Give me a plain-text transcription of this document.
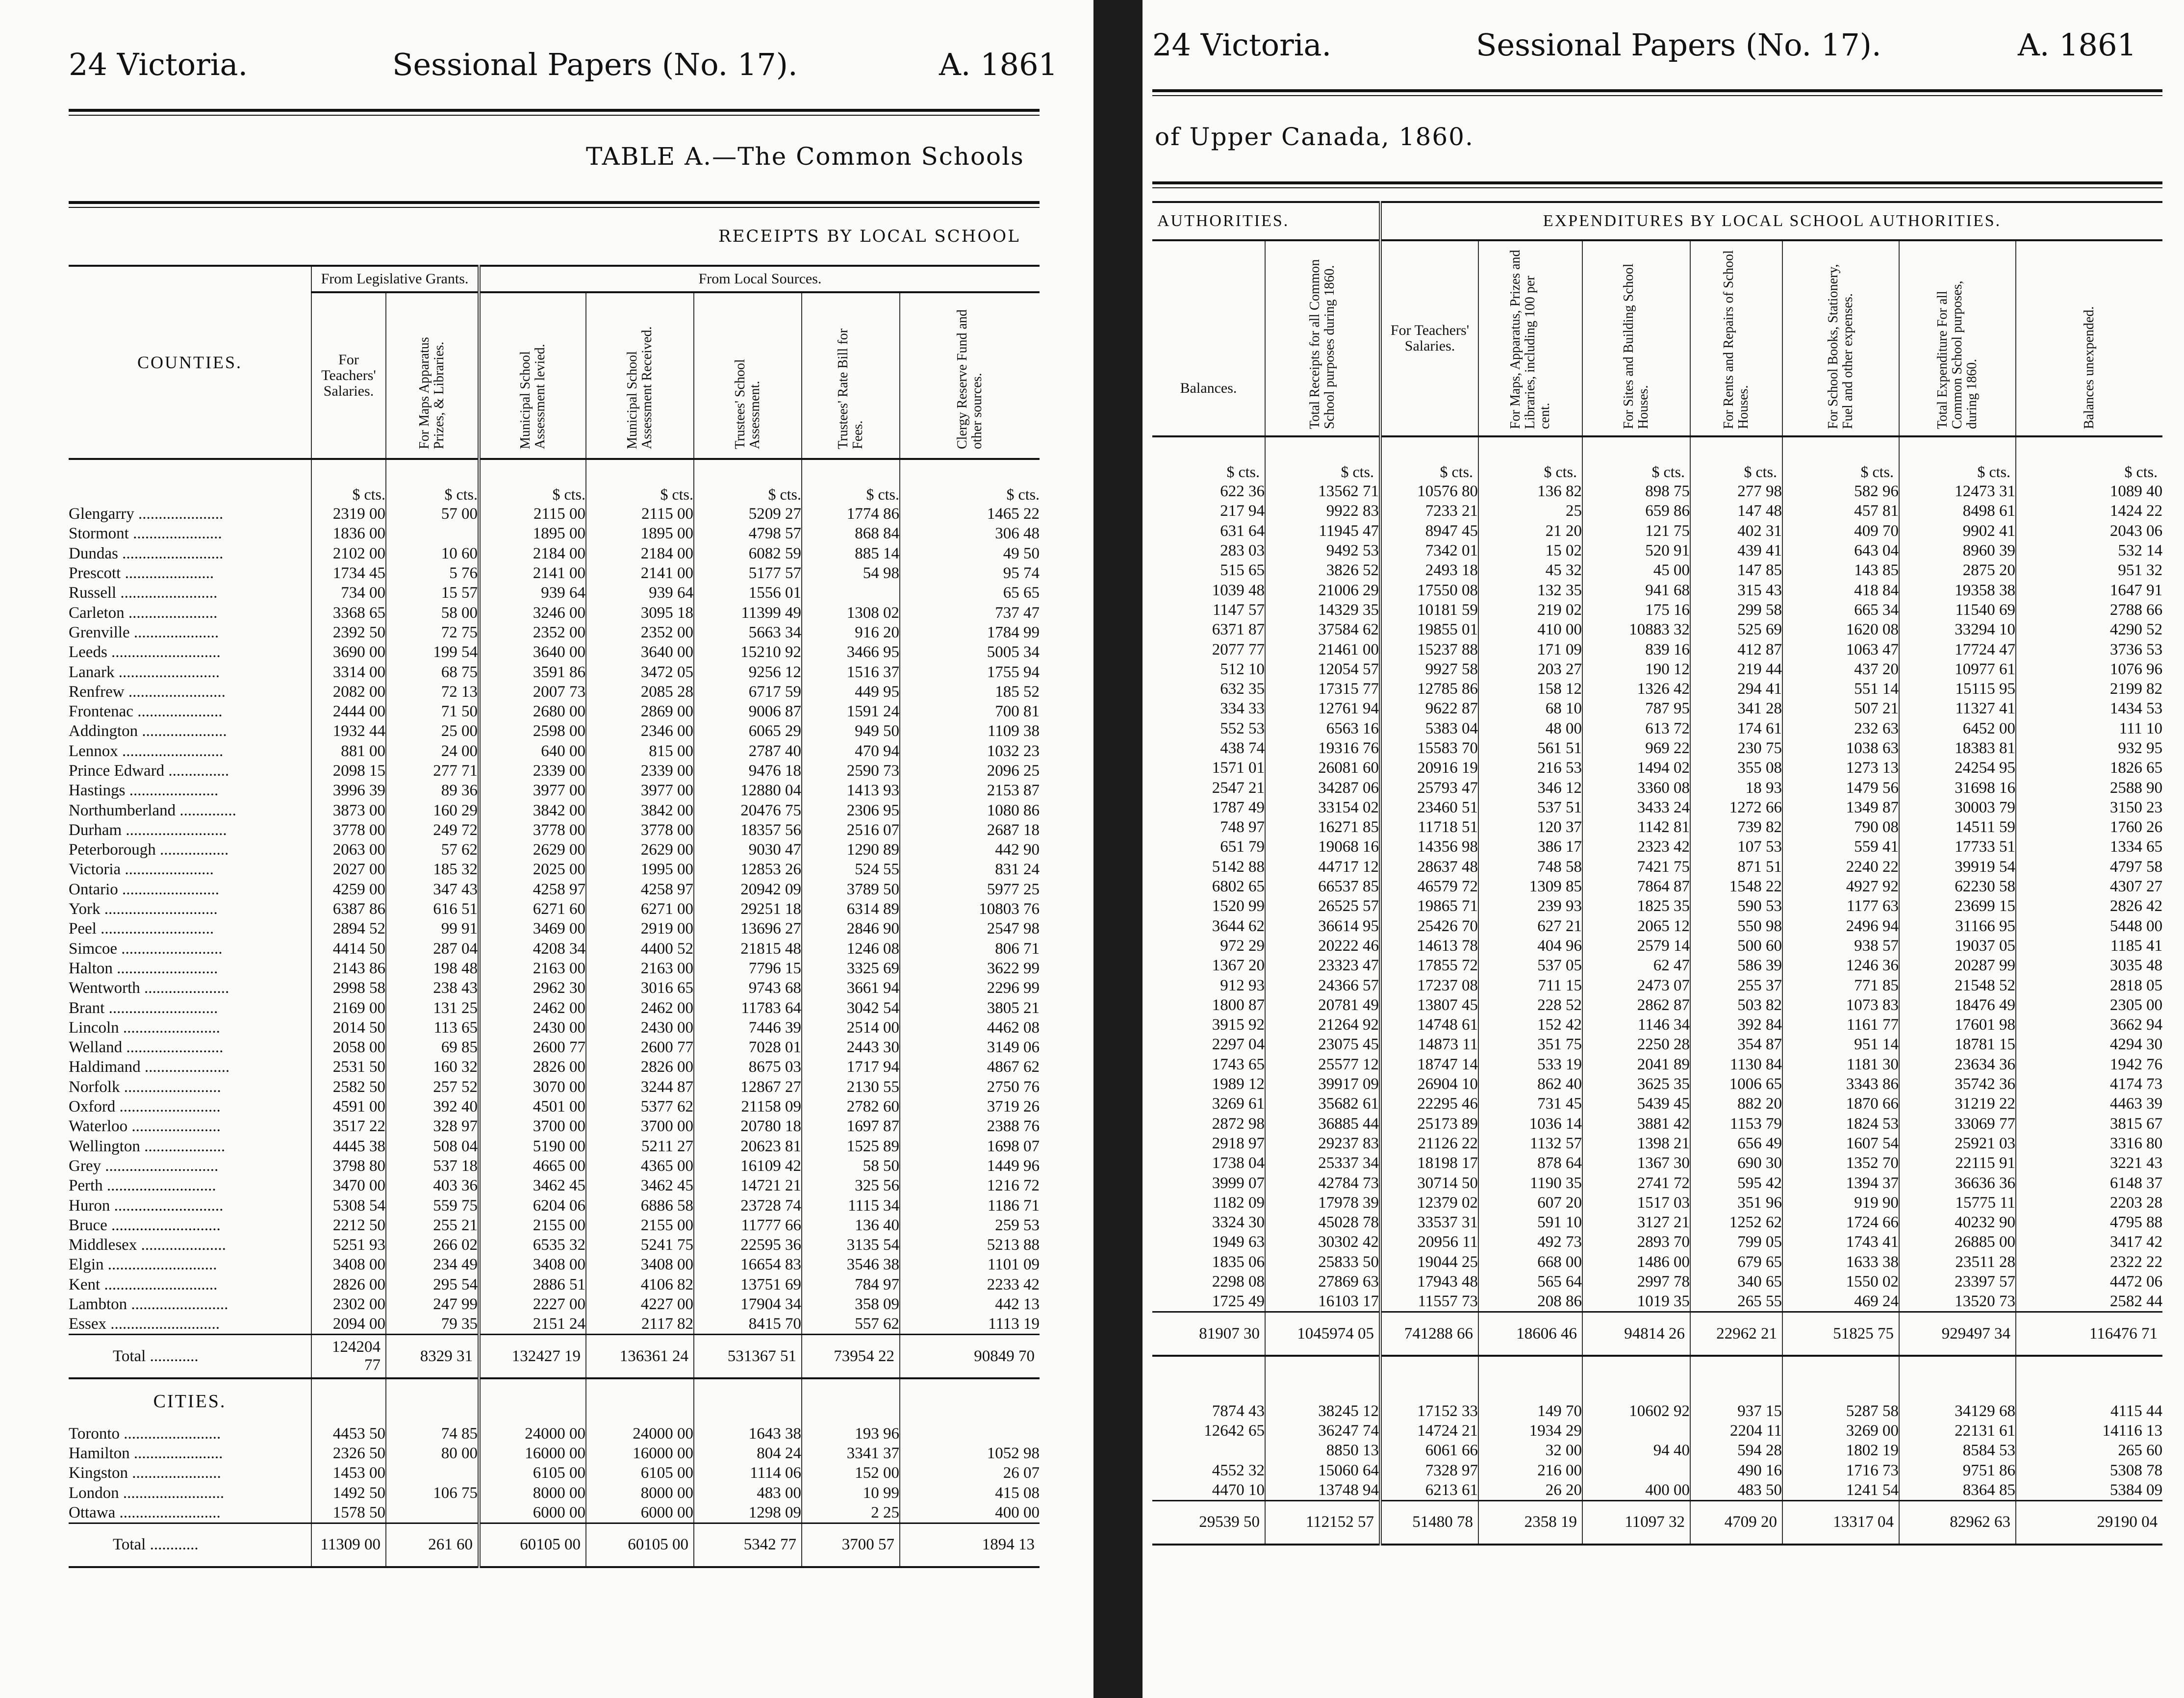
24 Victoria.	Sessional Papers (No. 17).	A. 1861
TABLE A.—The Common Schools
RECEIPTS BY LOCAL SCHOOL
COUNTIES.	From Legislative Grants.		From Local Sources.				

	For Teachers' Salaries.	For Maps Apparatus Prizes, & Libraries.	Municipal School Assessment levied.	Municipal School Assessment Received.	Trustees' School Assessment.	Trustees' Rate Bill for Fees.	Clergy Reserve Fund and other sources.

	$ cts.	$ cts.	$ cts.	$ cts.	$ cts.	$ cts.	$ cts.
Glengarry .....................	2319 00	57 00	2115 00	2115 00	5209 27	1774 86	1465 22
Stormont ......................	1836 00		1895 00	1895 00	4798 57	868 84	306 48
Dundas .........................	2102 00	10 60	2184 00	2184 00	6082 59	885 14	49 50
Prescott ......................	1734 45	5 76	2141 00	2141 00	5177 57	54 98	95 74
Russell ........................	734 00	15 57	939 64	939 64	1556 01		65 65
Carleton ......................	3368 65	58 00	3246 00	3095 18	11399 49	1308 02	737 47
Grenville .....................	2392 50	72 75	2352 00	2352 00	5663 34	916 20	1784 99
Leeds ...........................	3690 00	199 54	3640 00	3640 00	15210 92	3466 95	5005 34
Lanark .........................	3314 00	68 75	3591 86	3472 05	9256 12	1516 37	1755 94
Renfrew ........................	2082 00	72 13	2007 73	2085 28	6717 59	449 95	185 52
Frontenac .....................	2444 00	71 50	2680 00	2869 00	9006 87	1591 24	700 81
Addington .....................	1932 44	25 00	2598 00	2346 00	6065 29	949 50	1109 38
Lennox .........................	881 00	24 00	640 00	815 00	2787 40	470 94	1032 23
Prince Edward ...............	2098 15	277 71	2339 00	2339 00	9476 18	2590 73	2096 25
Hastings ......................	3996 39	89 36	3977 00	3977 00	12880 04	1413 93	2153 87
Northumberland ..............	3873 00	160 29	3842 00	3842 00	20476 75	2306 95	1080 86
Durham .........................	3778 00	249 72	3778 00	3778 00	18357 56	2516 07	2687 18
Peterborough .................	2063 00	57 62	2629 00	2629 00	9030 47	1290 89	442 90
Victoria ......................	2027 00	185 32	2025 00	1995 00	12853 26	524 55	831 24
Ontario ........................	4259 00	347 43	4258 97	4258 97	20942 09	3789 50	5977 25
York ............................	6387 86	616 51	6271 60	6271 00	29251 18	6314 89	10803 76
Peel ............................	2894 52	99 91	3469 00	2919 00	13696 27	2846 90	2547 98
Simcoe .........................	4414 50	287 04	4208 34	4400 52	21815 48	1246 08	806 71
Halton .........................	2143 86	198 48	2163 00	2163 00	7796 15	3325 69	3622 99
Wentworth .....................	2998 58	238 43	2962 30	3016 65	9743 68	3661 94	2296 99
Brant ...........................	2169 00	131 25	2462 00	2462 00	11783 64	3042 54	3805 21
Lincoln ........................	2014 50	113 65	2430 00	2430 00	7446 39	2514 00	4462 08
Welland ........................	2058 00	69 85	2600 77	2600 77	7028 01	2443 30	3149 06
Haldimand .....................	2531 50	160 32	2826 00	2826 00	8675 03	1717 94	4867 62
Norfolk ........................	2582 50	257 52	3070 00	3244 87	12867 27	2130 55	2750 76
Oxford .........................	4591 00	392 40	4501 00	5377 62	21158 09	2782 60	3719 26
Waterloo ......................	3517 22	328 97	3700 00	3700 00	20780 18	1697 87	2388 76
Wellington ....................	4445 38	508 04	5190 00	5211 27	20623 81	1525 89	1698 07
Grey ............................	3798 80	537 18	4665 00	4365 00	16109 42	58 50	1449 96
Perth ...........................	3470 00	403 36	3462 45	3462 45	14721 21	325 56	1216 72
Huron ...........................	5308 54	559 75	6204 06	6886 58	23728 74	1115 34	1186 71
Bruce ...........................	2212 50	255 21	2155 00	2155 00	11777 66	136 40	259 53
Middlesex .....................	5251 93	266 02	6535 32	5241 75	22595 36	3135 54	5213 88
Elgin ...........................	3408 00	234 49	3408 00	3408 00	16654 83	3546 38	1101 09
Kent ............................	2826 00	295 54	2886 51	4106 82	13751 69	784 97	2233 42
Lambton ........................	2302 00	247 99	2227 00	4227 00	17904 34	358 09	442 13
Essex ...........................	2094 00	79 35	2151 24	2117 82	8415 70	557 62	1113 19
Total ............	124204 77	8329 31	132427 19	136361 24	531367 51	73954 22	90849 70
CITIES.							
Toronto ........................	4453 50	74 85	24000 00	24000 00	1643 38	193 96	
Hamilton ......................	2326 50	80 00	16000 00	16000 00	804 24	3341 37	1052 98
Kingston ......................	1453 00		6105 00	6105 00	1114 06	152 00	26 07
London .........................	1492 50	106 75	8000 00	8000 00	483 00	10 99	415 08
Ottawa .........................	1578 50		6000 00	6000 00	1298 09	2 25	400 00
Total ............	11309 00	261 60	60105 00	60105 00	5342 77	3700 57	1894 13
24 Victoria.	Sessional Papers (No. 17).	A. 1861
of Upper Canada, 1860.
AUTHORITIES.		EXPENDITURES BY LOCAL SCHOOL AUTHORITIES.						

Balances.	Total Receipts for all Common School purposes during 1860.	For Teachers' Salaries.	For Maps, Apparatus, Prizes and Libraries, including 100 per cent.	For Sites and Building School Houses.	For Rents and Repairs of School Houses.	For School Books, Stationery, Fuel and other expenses.	Total Expenditure For all Common School purposes, during 1860.	Balances unexpended.

$ cts.	$ cts.	$ cts.	$ cts.	$ cts.	$ cts.	$ cts.	$ cts.	$ cts.
622 36	13562 71	10576 80	136 82	898 75	277 98	582 96	12473 31	1089 40
217 94	9922 83	7233 21	25	659 86	147 48	457 81	8498 61	1424 22
631 64	11945 47	8947 45	21 20	121 75	402 31	409 70	9902 41	2043 06
283 03	9492 53	7342 01	15 02	520 91	439 41	643 04	8960 39	532 14
515 65	3826 52	2493 18	45 32	45 00	147 85	143 85	2875 20	951 32
1039 48	21006 29	17550 08	132 35	941 68	315 43	418 84	19358 38	1647 91
1147 57	14329 35	10181 59	219 02	175 16	299 58	665 34	11540 69	2788 66
6371 87	37584 62	19855 01	410 00	10883 32	525 69	1620 08	33294 10	4290 52
2077 77	21461 00	15237 88	171 09	839 16	412 87	1063 47	17724 47	3736 53
512 10	12054 57	9927 58	203 27	190 12	219 44	437 20	10977 61	1076 96
632 35	17315 77	12785 86	158 12	1326 42	294 41	551 14	15115 95	2199 82
334 33	12761 94	9622 87	68 10	787 95	341 28	507 21	11327 41	1434 53
552 53	6563 16	5383 04	48 00	613 72	174 61	232 63	6452 00	111 10
438 74	19316 76	15583 70	561 51	969 22	230 75	1038 63	18383 81	932 95
1571 01	26081 60	20916 19	216 53	1494 02	355 08	1273 13	24254 95	1826 65
2547 21	34287 06	25793 47	346 12	3360 08	18 93	1479 56	31698 16	2588 90
1787 49	33154 02	23460 51	537 51	3433 24	1272 66	1349 87	30003 79	3150 23
748 97	16271 85	11718 51	120 37	1142 81	739 82	790 08	14511 59	1760 26
651 79	19068 16	14356 98	386 17	2323 42	107 53	559 41	17733 51	1334 65
5142 88	44717 12	28637 48	748 58	7421 75	871 51	2240 22	39919 54	4797 58
6802 65	66537 85	46579 72	1309 85	7864 87	1548 22	4927 92	62230 58	4307 27
1520 99	26525 57	19865 71	239 93	1825 35	590 53	1177 63	23699 15	2826 42
3644 62	36614 95	25426 70	627 21	2065 12	550 98	2496 94	31166 95	5448 00
972 29	20222 46	14613 78	404 96	2579 14	500 60	938 57	19037 05	1185 41
1367 20	23323 47	17855 72	537 05	62 47	586 39	1246 36	20287 99	3035 48
912 93	24366 57	17237 08	711 15	2473 07	255 37	771 85	21548 52	2818 05
1800 87	20781 49	13807 45	228 52	2862 87	503 82	1073 83	18476 49	2305 00
3915 92	21264 92	14748 61	152 42	1146 34	392 84	1161 77	17601 98	3662 94
2297 04	23075 45	14873 11	351 75	2250 28	354 87	951 14	18781 15	4294 30
1743 65	25577 12	18747 14	533 19	2041 89	1130 84	1181 30	23634 36	1942 76
1989 12	39917 09	26904 10	862 40	3625 35	1006 65	3343 86	35742 36	4174 73
3269 61	35682 61	22295 46	731 45	5439 45	882 20	1870 66	31219 22	4463 39
2872 98	36885 44	25173 89	1036 14	3881 42	1153 79	1824 53	33069 77	3815 67
2918 97	29237 83	21126 22	1132 57	1398 21	656 49	1607 54	25921 03	3316 80
1738 04	25337 34	18198 17	878 64	1367 30	690 30	1352 70	22115 91	3221 43
3999 07	42784 73	30714 50	1190 35	2741 72	595 42	1394 37	36636 36	6148 37
1182 09	17978 39	12379 02	607 20	1517 03	351 96	919 90	15775 11	2203 28
3324 30	45028 78	33537 31	591 10	3127 21	1252 62	1724 66	40232 90	4795 88
1949 63	30302 42	20956 11	492 73	2893 70	799 05	1743 41	26885 00	3417 42
1835 06	25833 50	19044 25	668 00	1486 00	679 65	1633 38	23511 28	2322 22
2298 08	27869 63	17943 48	565 64	2997 78	340 65	1550 02	23397 57	4472 06
1725 49	16103 17	11557 73	208 86	1019 35	265 55	469 24	13520 73	2582 44
81907 30	1045974 05	741288 66	18606 46	94814 26	22962 21	51825 75	929497 34	116476 71

7874 43	38245 12	17152 33	149 70	10602 92	937 15	5287 58	34129 68	4115 44
12642 65	36247 74	14724 21	1934 29		2204 11	3269 00	22131 61	14116 13
	8850 13	6061 66	32 00	94 40	594 28	1802 19	8584 53	265 60
4552 32	15060 64	7328 97	216 00		490 16	1716 73	9751 86	5308 78
4470 10	13748 94	6213 61	26 20	400 00	483 50	1241 54	8364 85	5384 09
29539 50	112152 57	51480 78	2358 19	11097 32	4709 20	13317 04	82962 63	29190 04
